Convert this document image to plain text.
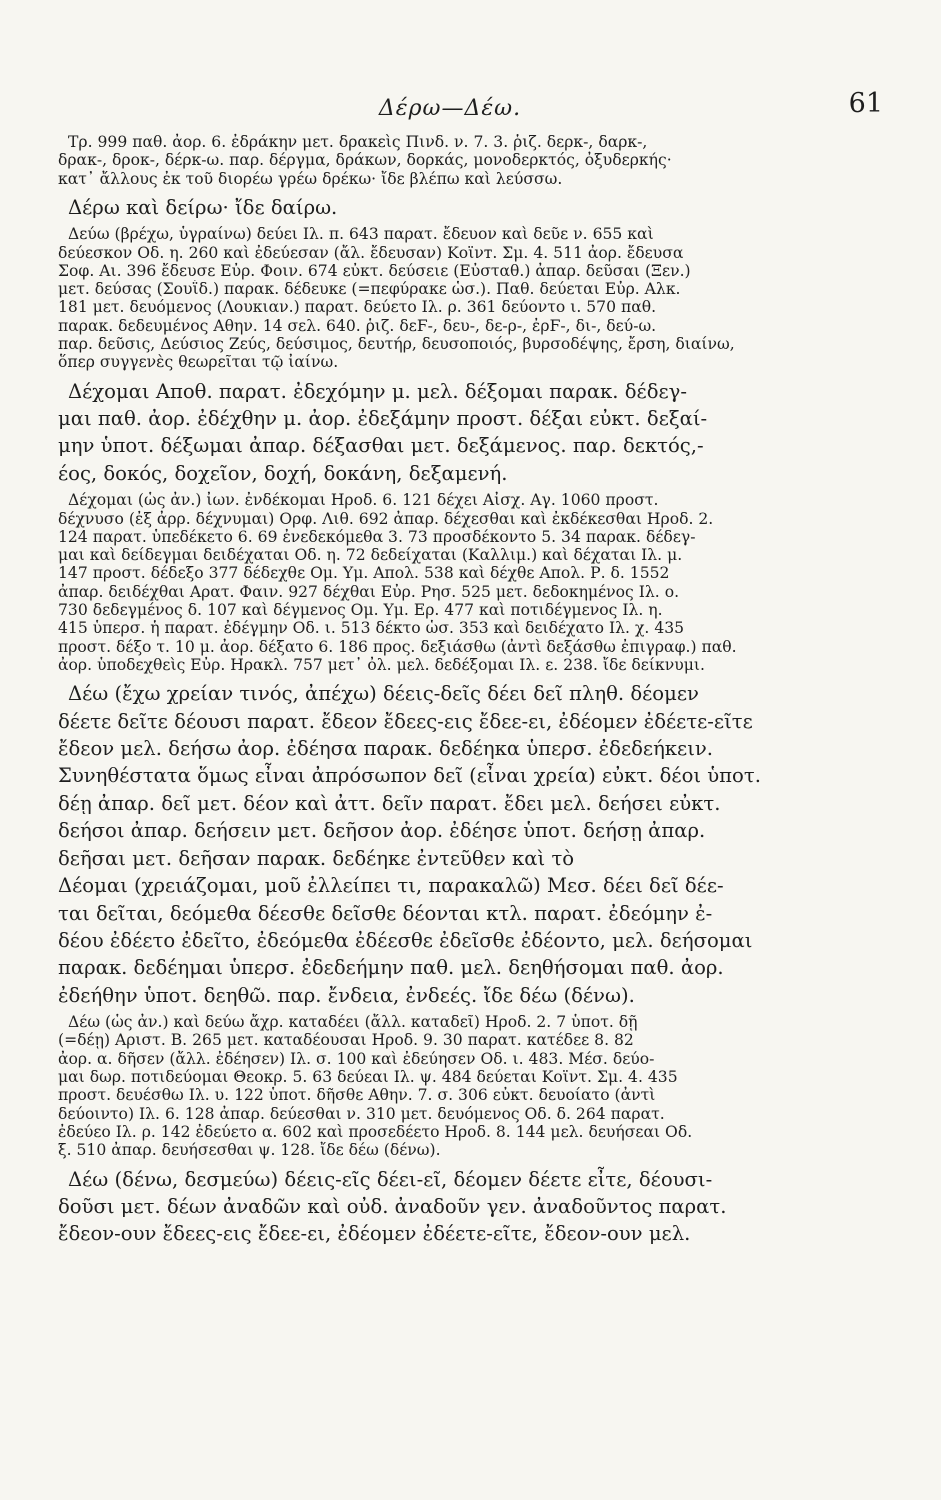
Δέρω—Δέω.	61
Τρ. 999 παθ. ἀορ. 6. ἐδράκην μετ. δρακεὶς Πινδ. ν. 7. 3. ῥιζ. δερκ-, δαρκ-,
δρακ-, δροκ-, δέρκ-ω. παρ. δέργμα, δράκων, δορκάς, μονοδερκτός, ὀξυδερκής·
κατ᾽ ἄλλους ἐκ τοῦ διορέω γρέω δρέκω· ἴδε βλέπω καὶ λεύσσω.
Δέρω καὶ δείρω· ἴδε δαίρω.
Δεύω (βρέχω, ὑγραίνω) δεύει Ιλ. π. 643 παρατ. ἔδευον καὶ δεῦε ν. 655 καὶ
δεύεσκον Οδ. η. 260 καὶ ἐδεύεσαν (ἄλ. ἔδευσαν) Κοϊνт. Σμ. 4. 511 ἀορ. ἔδευσα
Σοφ. Αι. 396 ἔδευσε Εὐρ. Φοιν. 674 εὐκτ. δεύσειε (Εὐσταθ.) ἀπαρ. δεῦσαι (Ξεν.)
μετ. δεύσας (Σουΐδ.) παρακ. δέδευκε (=πεφύρακε ὡσ.). Παθ. δεύεται Εὐρ. Αλκ.
181 μετ. δευόμενος (Λουκιαν.) παρατ. δεύετο Ιλ. ρ. 361 δεύοντο ι. 570 παθ.
παρακ. δεδευμένος Αθην. 14 σελ. 640. ῥιζ. δεϜ-, δευ-, δε-ρ-, ἐρϜ-, δι-, δεύ-ω.
παρ. δεῦσις, Δεύσιος Ζεύς, δεύσιμος, δευτήρ, δευσοποιός, βυρσοδέψης, ἔρση, διαίνω,
ὅπερ συγγενὲς θεωρεῖται τῷ ἰαίνω.
Δέχομαι Αποθ. παρατ. ἐδεχόμην μ. μελ. δέξομαι παρακ. δέδεγ-
μαι παθ. ἀορ. ἐδέχθην μ. ἀορ. ἐδεξάμην προστ. δέξαι εὐκτ. δεξαί-
μην ὑποτ. δέξωμαι ἀπαρ. δέξασθαι μετ. δεξάμενος. παρ. δεκτός,-
έος, δοκός, δοχεῖον, δοχή, δοκάνη, δεξαμενή.
Δέχομαι (ὡς ἀν.) ἰων. ἐνδέκομαι Ηροδ. 6. 121 δέχει Αἰσχ. Αγ. 1060 προστ.
δέχνυσο (ἐξ ἀρρ. δέχνυμαι) Ορφ. Λιθ. 692 ἀπαρ. δέχεσθαι καὶ ἐκδέκεσθαι Ηροδ. 2.
124 παρατ. ὑπεδέκετο 6. 69 ἐνεδεκόμεθα 3. 73 προσδέκοντο 5. 34 παρακ. δέδεγ-
μαι καὶ δείδεγμαι δειδέχαται Οδ. η. 72 δεδείχαται (Καλλιμ.) καὶ δέχαται Ιλ. μ.
147 προστ. δέδεξο 377 δέδεχθε Ομ. Υμ. Απολ. 538 καὶ δέχθε Απολ. Ρ. δ. 1552
ἀπαρ. δειδέχθαι Αρατ. Φαιν. 927 δέχθαι Εὐρ. Ρησ. 525 μετ. δεδοκημένος Ιλ. ο.
730 δεδεγμένος δ. 107 καὶ δέγμενος Ομ. Υμ. Ερ. 477 καὶ ποτιδέγμενος Ιλ. η.
415 ὑπερσ. ἡ παρατ. ἐδέγμην Οδ. ι. 513 δέκτο ὡσ. 353 καὶ δειδέχατο Ιλ. χ. 435
προστ. δέξο τ. 10 μ. ἀορ. δέξατο 6. 186 προς. δεξιάσθω (ἀντὶ δεξάσθω ἐπιγραφ.) παθ.
ἀορ. ὑποδεχθεὶς Εὐρ. Ηρακλ. 757 μετ᾽ ὀλ. μελ. δεδέξομαι Ιλ. ε. 238. ἴδε δείκνυμι.
Δέω (ἔχω χρείαν τινός, ἀπέχω) δέεις-δεῖς δέει δεῖ πληθ. δέομεν
δέετε δεῖτε δέουσι παρατ. ἔδεον ἔδεες-εις ἔδεε-ει, ἐδέομεν ἐδέετε-εῖτε
ἔδεον μελ. δεήσω ἀορ. ἐδέησα παρακ. δεδέηκα ὑπερσ. ἐδεδεήκειν.
Συνηθέστατα ὅμως εἶναι ἀπρόσωπον δεῖ (εἶναι χρεία) εὐκτ. δέοι ὑποτ.
δέῃ ἀπαρ. δεῖ μετ. δέον καὶ ἀττ. δεῖν παρατ. ἔδει μελ. δεήσει εὐκτ.
δεήσοι ἀπαρ. δεήσειν μετ. δεῆσον ἀορ. ἐδέησε ὑποτ. δεήσῃ ἀπαρ.
δεῆσαι μετ. δεῆσαν παρακ. δεδέηκε ἐντεῦθεν καὶ τὸ
Δέομαι (χρειάζομαι, μοῦ ἐλλείπει τι, παρακαλῶ) Μεσ. δέει δεῖ δέε-
ται δεῖται, δεόμεθα δέεσθε δεῖσθε δέονται κτλ. παρατ. ἐδεόμην ἐ-
δέου ἐδέετο ἐδεῖτο, ἐδεόμεθα ἐδέεσθε ἐδεῖσθε ἐδέοντο, μελ. δεήσομαι
παρακ. δεδέημαι ὑπερσ. ἐδεδεήμην παθ. μελ. δεηθήσομαι παθ. ἀορ.
ἐδεήθην ὑποτ. δεηθῶ. παρ. ἔνδεια, ἐνδεές. ἴδε δέω (δένω).
Δέω (ὡς ἀν.) καὶ δεύω ἄχρ. καταδέει (ἄλλ. καταδεῖ) Ηροδ. 2. 7 ὑποτ. δῇ
(=δέῃ) Αριστ. Β. 265 μετ. καταδέουσαι Ηροδ. 9. 30 παρατ. κατέδεε 8. 82
ἀορ. α. δῆσεν (ἄλλ. ἐδέησεν) Ιλ. σ. 100 καὶ ἐδεύησεν Οδ. ι. 483. Μέσ. δεύο-
μαι δωρ. ποτιδεύομαι Θεοκρ. 5. 63 δεύεαι Ιλ. ψ. 484 δεύεται Κοϊντ. Σμ. 4. 435
προστ. δευέσθω Ιλ. υ. 122 ὑποτ. δῆσθε Αθην. 7. σ. 306 εὐκτ. δευοίατο (ἀντὶ
δεύοιντο) Ιλ. 6. 128 ἀπαρ. δεύεσθαι ν. 310 μετ. δευόμενος Οδ. δ. 264 παρατ.
ἐδεύεο Ιλ. ρ. 142 ἐδεύετο α. 602 καὶ προσεδέετο Ηροδ. 8. 144 μελ. δευήσεαι Οδ.
ξ. 510 ἀπαρ. δευήσεσθαι ψ. 128. ἴδε δέω (δένω).
Δέω (δένω, δεσμεύω) δέεις-εῖς δέει-εῖ, δέομεν δέετε εἶτε, δέουσι-
δοῦσι μετ. δέων ἀναδῶν καὶ οὐδ. ἀναδοῦν γεν. ἀναδοῦντος παρατ.
ἔδεον-ουν ἔδεες-εις ἔδεε-ει, ἐδέομεν ἐδέετε-εῖτε, ἔδεον-ουν μελ.
